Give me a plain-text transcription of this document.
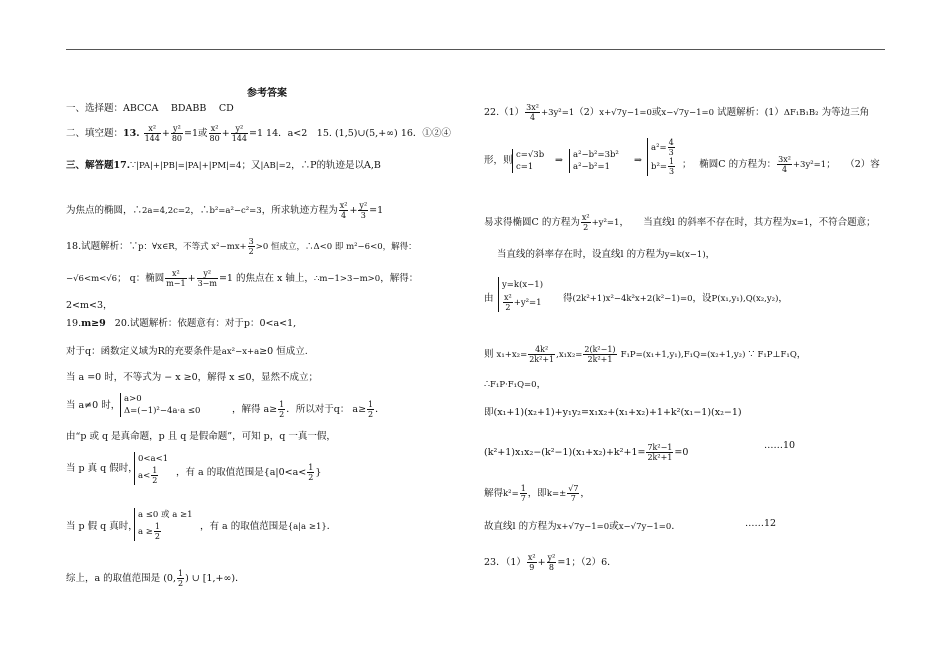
参考答案
一、选择题：ABCCA　 BDABB　 CD
二、填空题：13. $\frac{\text{x²}}{144} + \frac{\text{y²}}{80} =1$或 $\frac{\text{x²}}{80} + \frac{\text{y²}}{144} =1$ 14．a<2　15. (1,5)∪(5,+∞) 16．①②④
三、解答题17.∵|PA|+|PB|=|PA|+|PM|=4；又|AB|=2，∴P的轨迹是以A,B
为焦点的椭圆，∴2a=4,2c=2，∴b²=a²−c²=3，所求轨迹方程为 $\frac{\text{x²}}{4} + \frac{\text{y²}}{3} =1$
18.试题解析：∵p：∀x∈R，不等式 $x^2-mx+ \frac{3}{2} >0$ 恒成立，∴Δ<0 即 m²−6<0，解得：
−√6<m<√6； q：椭圆 $\frac{\text{x²}}{m-1} + \frac{\text{y²}}{3-m} =1$ 的焦点在 x 轴上，∴m−1>3−m>0，解得：
2<m<3，
19.m≥9 20.试题解析：依题意有：对于p：0<a<1,
对于q：函数定义域为R的充要条件是ax²−x+a≥0 恒成立.
当 a =0 时，不等式为 − x ≥0，解得 x ≤0，显然不成立；
当 a≠0 时，
a>0
Δ=(−1)²−4a·a ≤0	，解得 $a\ge \frac{1}{2}$ ．所以对于q： $a\ge \frac{1}{2}$ ．
由“p 或 q 是真命题，p 且 q 是假命题”，可知 p，q 一真一假，
当 p 真 q 假时，
0<a<1
$a< \frac{1}{2}$ ，有 a 的取值范围是{$a|0<a< \frac{1}{2}$ }
当 p 假 q 真时，
a ≤0 或 a ≥1
$a \ge \frac{1}{2}$	，有 a 的取值范围是{a|a ≥1}．
综上，a 的取值范围是 (0, $\frac{1}{2}$ ) ∪ [1,+∞)．
$22.(1) \frac{\text{3x²}}{4} +3y^2=1(2)x+√7y-1=0$或x−√7y−1=0 试题解析：(1）ΔF₁B₁B₂ 为等边三角
形，则 c=√3b
c=1
⇒ a²−b²=3b²
a²−b²=1
⇒
$a^2= \frac{4}{3}$
$b^2= \frac{1}{3}$ ；　 椭圆C 的方程为： $\frac{\text{3x²}}{4} +3y^2=1$；　　（2）容
易求得椭圆C 的方程为 $\frac{\text{x²}}{2} +y^2=1$，　　当直线l 的斜率不存在时，其方程为x=1，不符合题意；
当直线的斜率存在时，设直线l 的方程为y=k(x−1)，
由
y=k(x−1)
$\frac{\text{x²}}{2} +y^2=1$ 得(2k²+1)x²−4k²x+2(k²−1)=0，设P(x₁,y₁),Q(x₂,y₂)，
则 $x_1+x_2= \frac{\text{4k²}}{\text{2k²+1}} ,x_1x_2= \frac{\text{2(k²−1)}}{\text{2k²+1}} F_1P=(x_1+1,y_1),F_1Q=(x_2+1,y_2)$ ∵ F₁P⊥F₁Q，
∴F₁P·F₁Q=0，
即(x₁+1)(x₂+1)+y₁y₂=x₁x₂+(x₁+x₂)+1+k²(x₁−1)(x₂−1)
$(k^2+1)x_1x_2-(k^2-1)(x_1+x_2)+k^2+1= \frac{\text{7k²−1}}{\text{2k²+1}} =0$
……10
解得$k^2= \frac{1}{7}$ ，即$k=\pm \frac{√7}{7}$ ，
故直线l 的方程为x+√7y−1=0或x−√7y−1=0．	……12
23．$(1) \frac{\text{x²}}{9} + \frac{\text{y²}}{8} =1$；（2）6．
